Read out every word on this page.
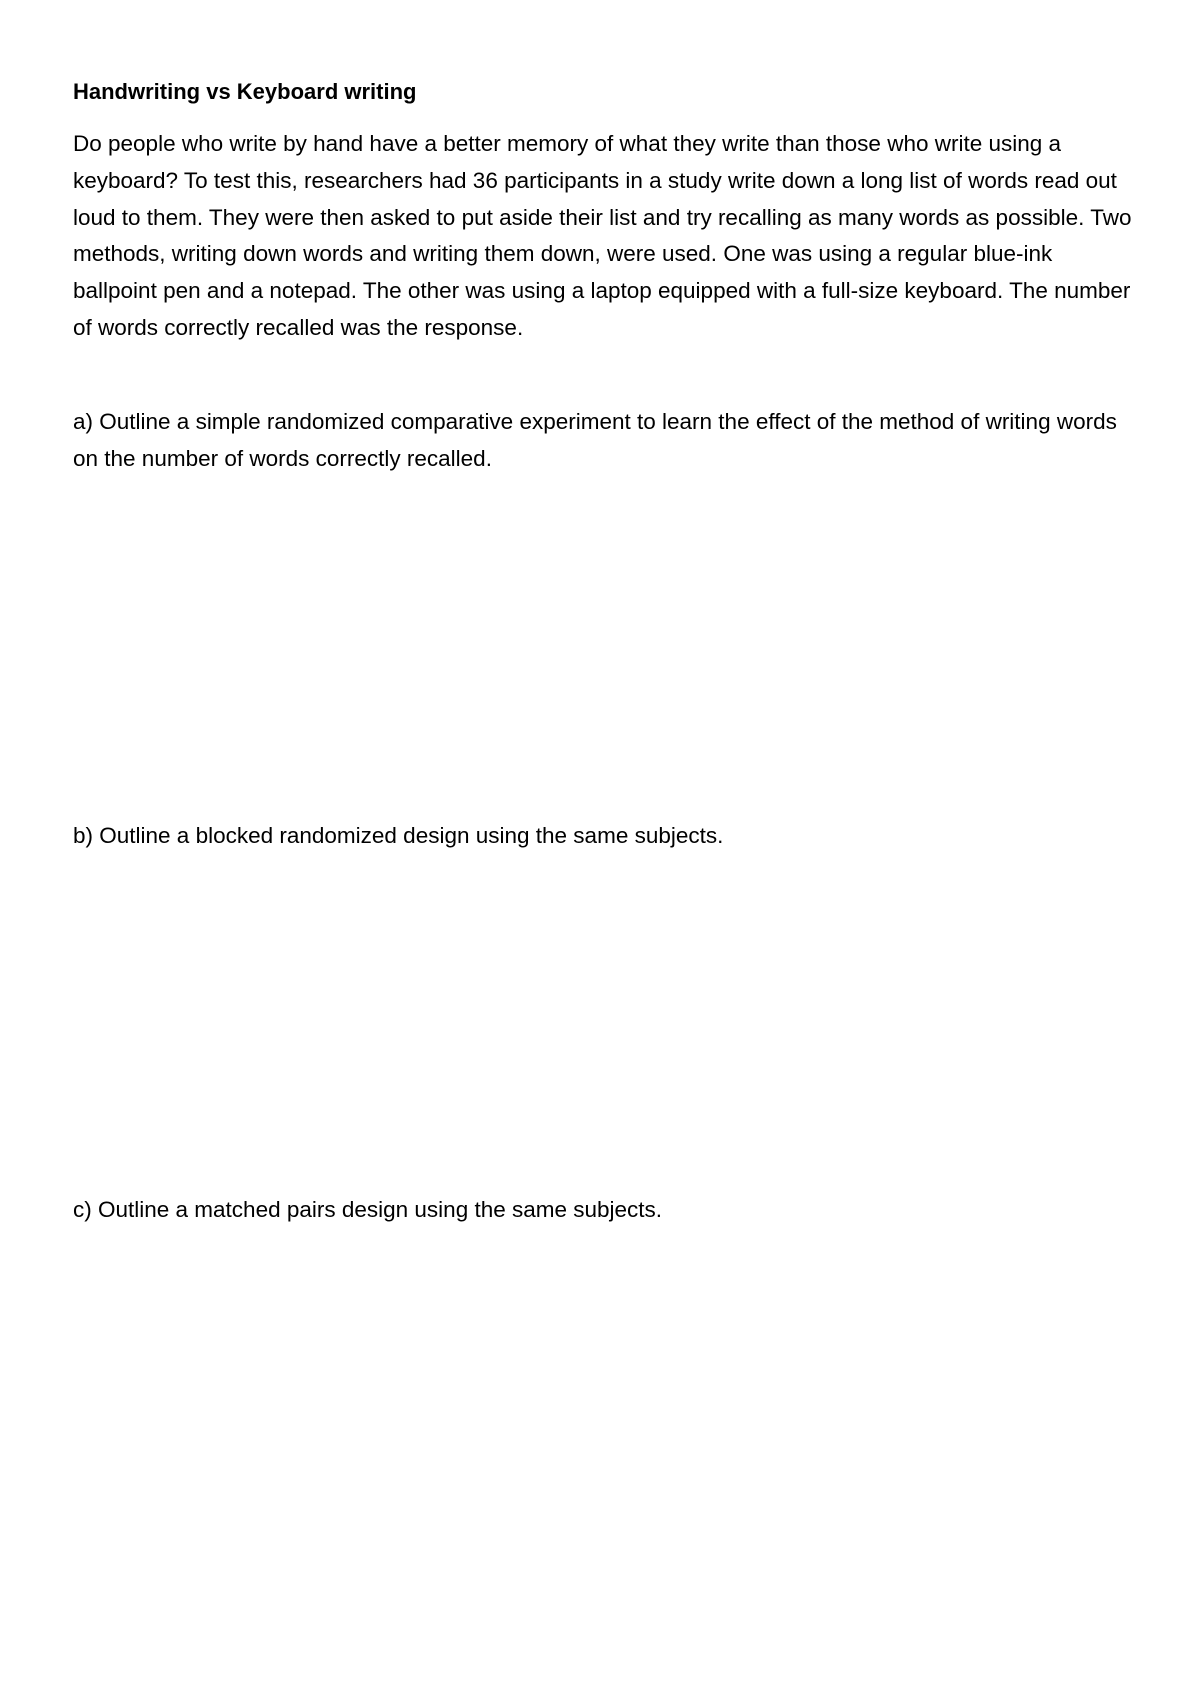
Handwriting vs Keyboard writing

Do people who write by hand have a better memory of what they write than those who write using a keyboard? To test this, researchers had 36 participants in a study write down a long list of words read out loud to them. They were then asked to put aside their list and try recalling as many words as possible. Two methods, writing down words and writing them down, were used. One was using a regular blue-ink ballpoint pen and a notepad. The other was using a laptop equipped with a full-size keyboard. The number of words correctly recalled was the response.

a) Outline a simple randomized comparative experiment to learn the effect of the method of writing words on the number of words correctly recalled.

b) Outline a blocked randomized design using the same subjects.

c) Outline a matched pairs design using the same subjects.
